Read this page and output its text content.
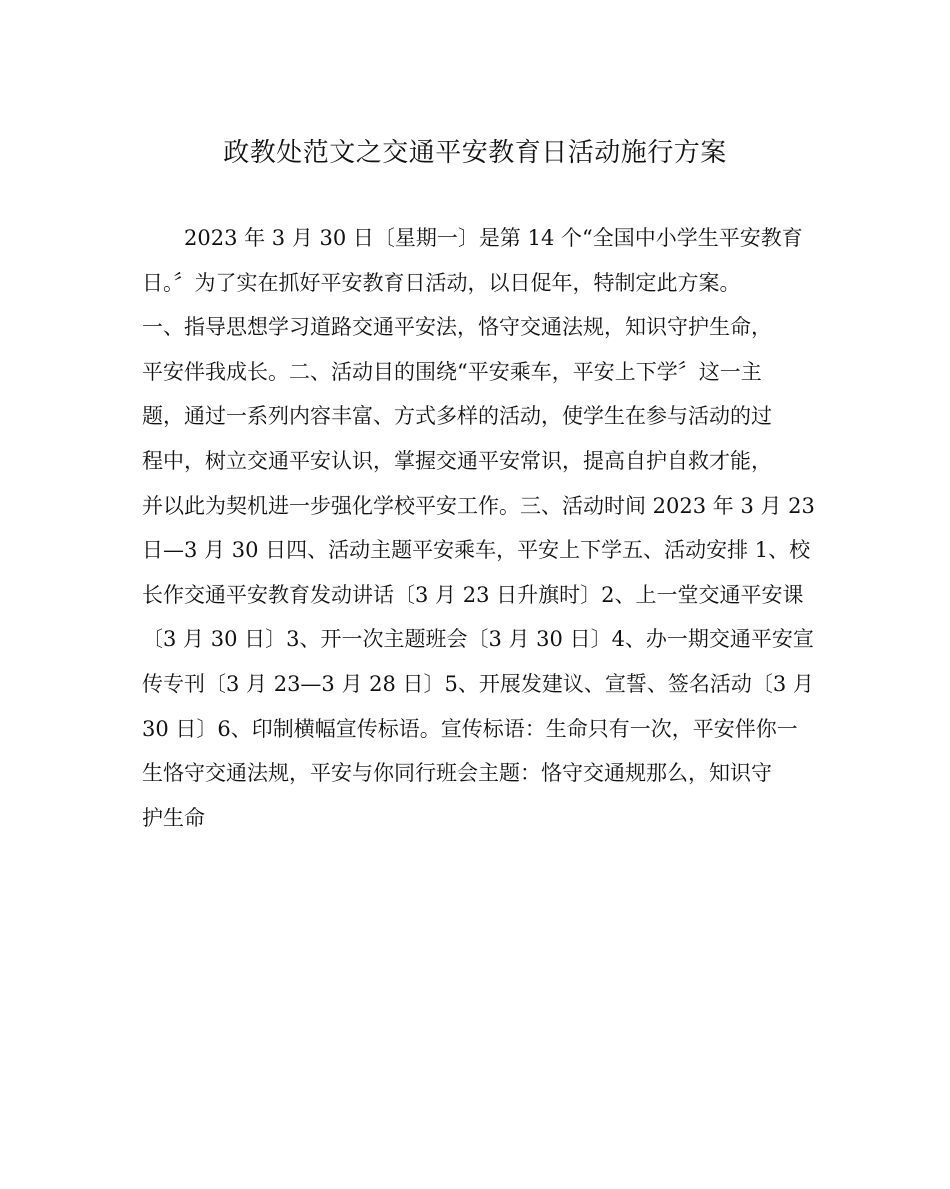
政教处范文之交通平安教育日活动施行方案
2023 年 3 月 30 日〔星期一〕是第 14 个“全国中小学生平安教育
日。〞为了实在抓好平安教育日活动，以日促年，特制定此方案。
一、指导思想学习道路交通平安法，恪守交通法规，知识守护生命，
平安伴我成长。二、活动目的围绕“平安乘车，平安上下学〞这一主
题，通过一系列内容丰富、方式多样的活动，使学生在参与活动的过
程中，树立交通平安认识，掌握交通平安常识，提高自护自救才能，
并以此为契机进一步强化学校平安工作。三、活动时间 2023 年 3 月 23
日—3 月 30 日四、活动主题平安乘车，平安上下学五、活动安排 1、校
长作交通平安教育发动讲话〔3 月 23 日升旗时〕2、上一堂交通平安课
〔3 月 30 日〕3、开一次主题班会〔3 月 30 日〕4、办一期交通平安宣
传专刊〔3 月 23—3 月 28 日〕5、开展发建议、宣誓、签名活动〔3 月
30 日〕6、印制横幅宣传标语。宣传标语：生命只有一次，平安伴你一
生恪守交通法规，平安与你同行班会主题：恪守交通规那么，知识守
护生命
